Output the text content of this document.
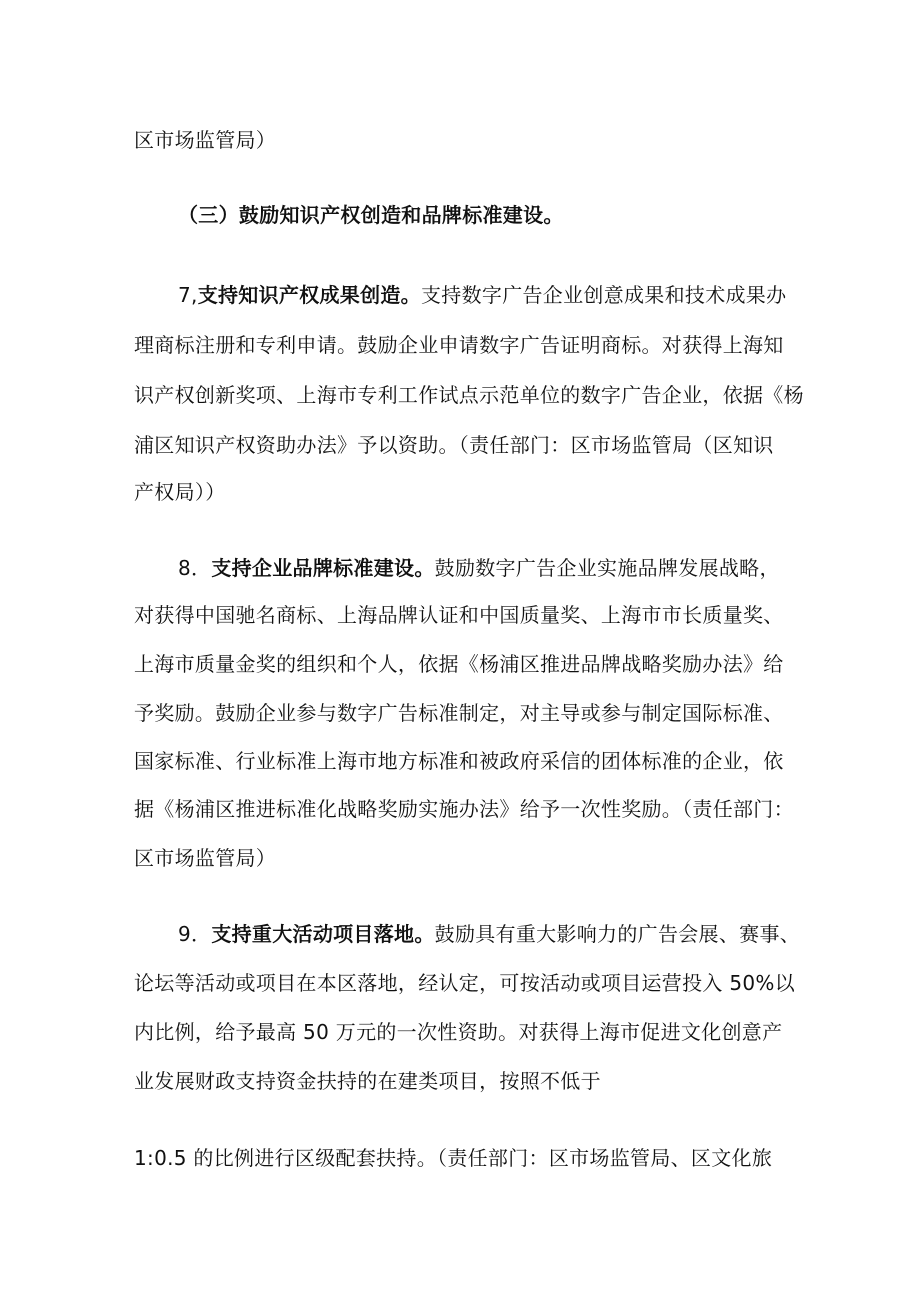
区市场监管局）
（三）鼓励知识产权创造和品牌标准建设。
7,支持知识产权成果创造。支持数字广告企业创意成果和技术成果办
理商标注册和专利申请。鼓励企业申请数字广告证明商标。对获得上海知
识产权创新奖项、上海市专利工作试点示范单位的数字广告企业，依据《杨
浦区知识产权资助办法》予以资助。（责任部门：区市场监管局（区知识
产权局））
8．支持企业品牌标准建设。鼓励数字广告企业实施品牌发展战略，
对获得中国驰名商标、上海品牌认证和中国质量奖、上海市市长质量奖、
上海市质量金奖的组织和个人，依据《杨浦区推进品牌战略奖励办法》给
予奖励。鼓励企业参与数字广告标准制定，对主导或参与制定国际标准、
国家标准、行业标准上海市地方标准和被政府采信的团体标准的企业，依
据《杨浦区推进标准化战略奖励实施办法》给予一次性奖励。（责任部门：
区市场监管局）
9．支持重大活动项目落地。鼓励具有重大影响力的广告会展、赛事、
论坛等活动或项目在本区落地，经认定，可按活动或项目运营投入 50%以
内比例，给予最高 50 万元的一次性资助。对获得上海市促进文化创意产
业发展财政支持资金扶持的在建类项目，按照不低于
1:0.5 的比例进行区级配套扶持。（责任部门：区市场监管局、区文化旅
